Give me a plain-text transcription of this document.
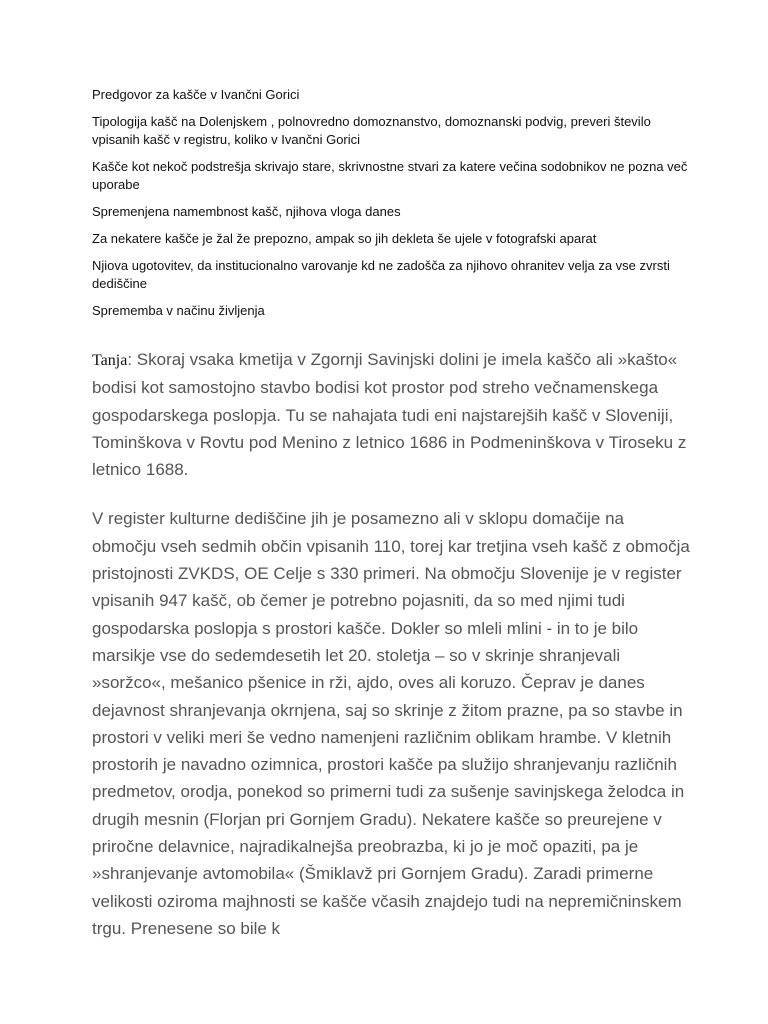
Predgovor za kašče v Ivančni Gorici

Tipologija kašč na Dolenjskem , polnovredno domoznanstvo, domoznanski podvig, preveri število vpisanih kašč v registru, koliko v Ivančni Gorici

Kašče kot nekoč podstrešja skrivajo stare, skrivnostne stvari za katere večina sodobnikov ne pozna več uporabe

Spremenjena namembnost kašč, njihova vloga danes

Za nekatere kašče je žal že prepozno, ampak so jih dekleta še ujele v fotografski aparat

Njiova ugotovitev, da institucionalno varovanje kd ne zadošča za njihovo ohranitev velja za vse zvrsti dediščine

Sprememba v načinu življenja

Tanja: Skoraj vsaka kmetija v Zgornji Savinjski dolini je imela kaščo ali »kašto« bodisi kot samostojno stavbo bodisi kot prostor pod streho večnamenskega gospodarskega poslopja. Tu se nahajata tudi eni najstarejših kašč v Sloveniji, Tominškova v Rovtu pod Menino z letnico 1686 in Podmeninškova v Tiroseku z letnico 1688.

V register kulturne dediščine jih je posamezno ali v sklopu domačije na območju vseh sedmih občin vpisanih 110, torej kar tretjina vseh kašč z območja pristojnosti ZVKDS, OE Celje s 330 primeri. Na območju Slovenije je v register vpisanih 947 kašč, ob čemer je potrebno pojasniti, da so med njimi tudi gospodarska poslopja s prostori kašče. Dokler so mleli mlini - in to je bilo marsikje vse do sedemdesetih let 20. stoletja – so v skrinje shranjevali »soržco«, mešanico pšenice in rži, ajdo, oves ali koruzo. Čeprav je danes dejavnost shranjevanja okrnjena, saj so skrinje z žitom prazne, pa so stavbe in prostori v veliki meri še vedno namenjeni različnim oblikam hrambe. V kletnih prostorih je navadno ozimnica, prostori kašče pa služijo shranjevanju različnih predmetov, orodja, ponekod so primerni tudi za sušenje savinjskega želodca in drugih mesnin (Florjan pri Gornjem Gradu). Nekatere kašče so preurejene v priročne delavnice, najradikalnejša preobrazba, ki jo je moč opaziti, pa je »shranjevanje avtomobila« (Šmiklavž pri Gornjem Gradu). Zaradi primerne velikosti oziroma majhnosti se kašče včasih znajdejo tudi na nepremičninskem trgu. Prenesene so bile k
